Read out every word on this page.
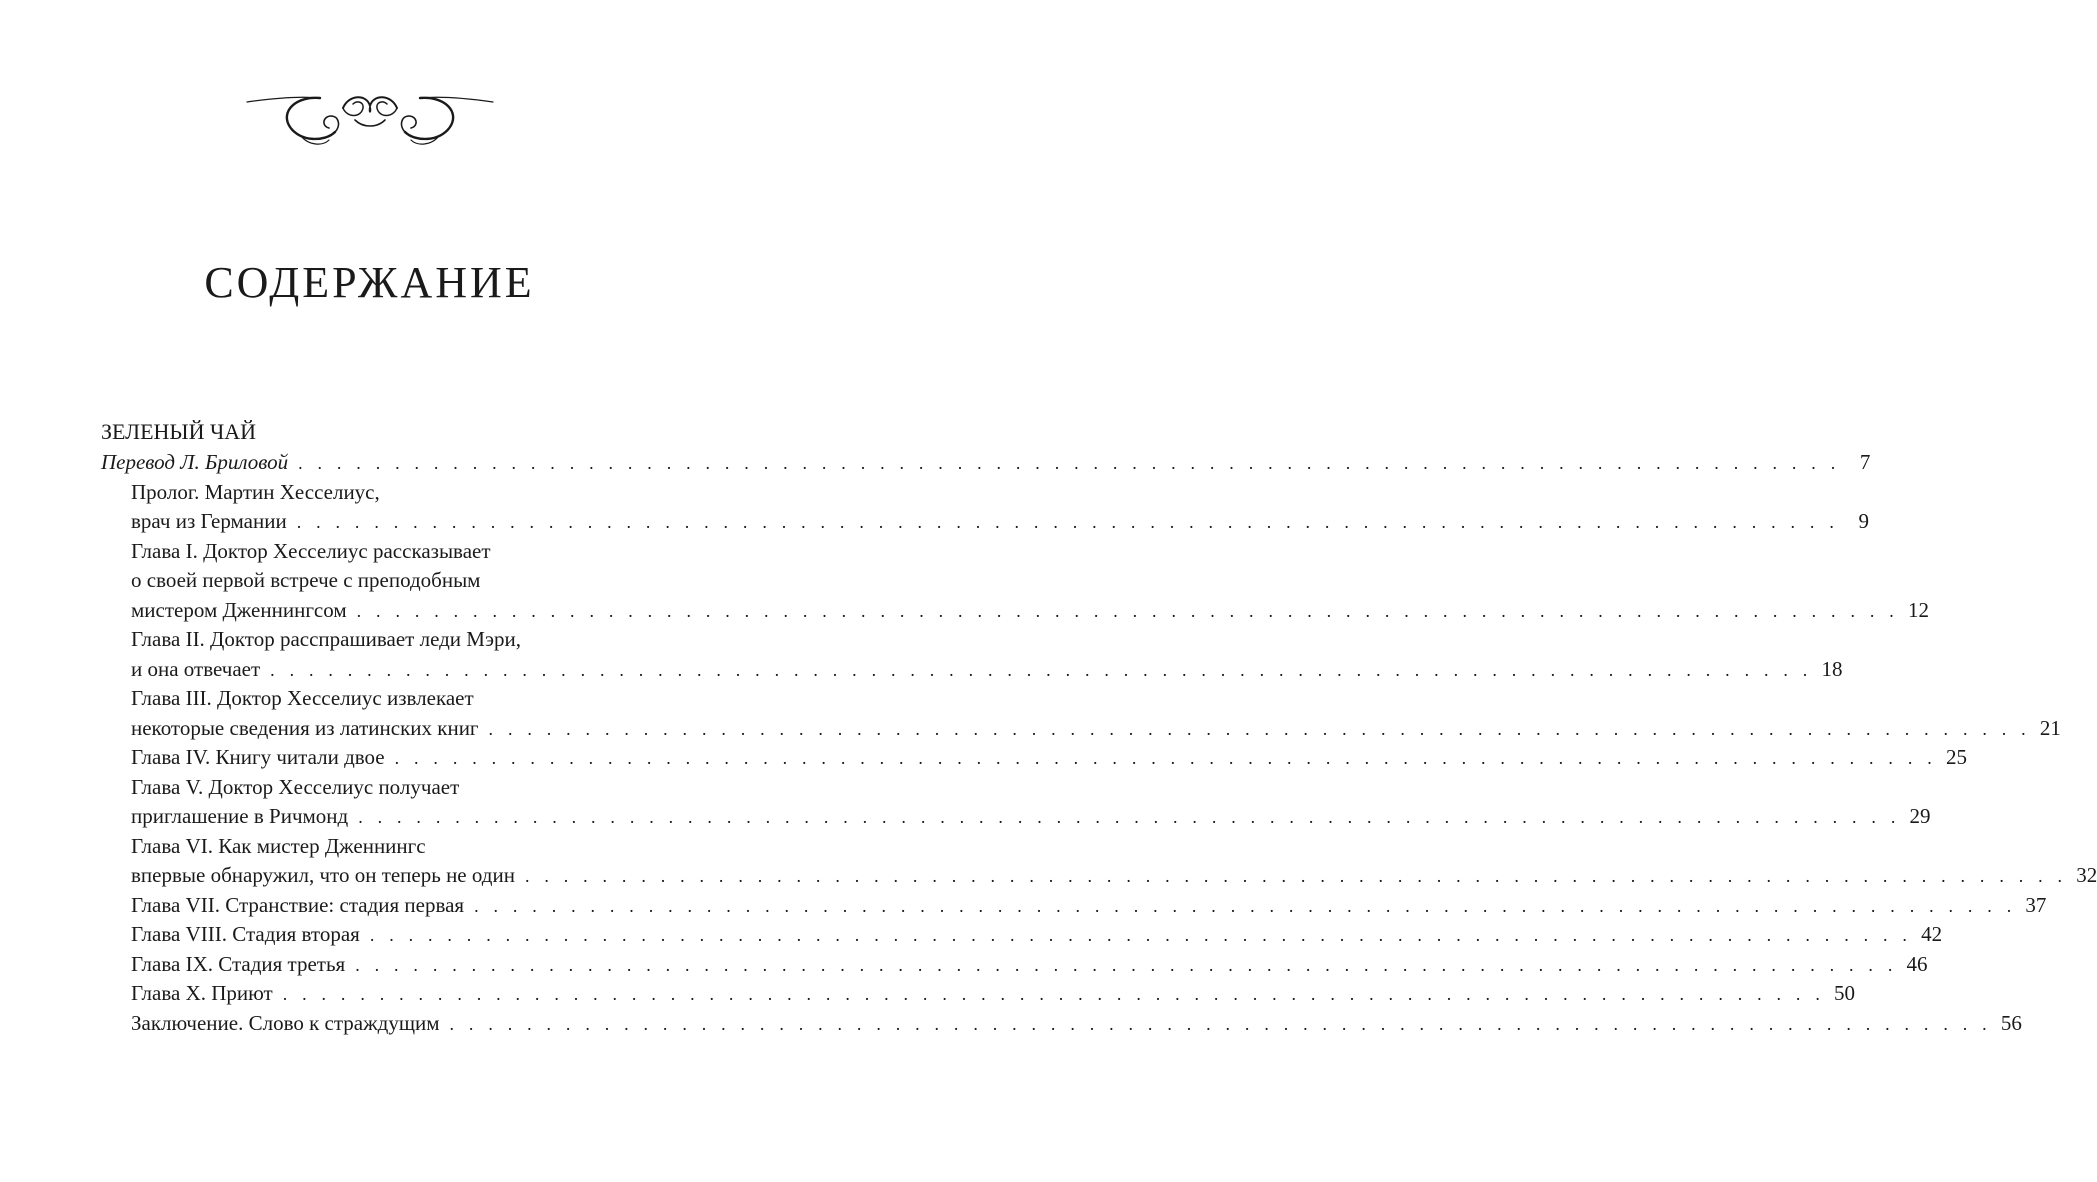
СОДЕРЖАНИЕ
ЗЕЛЕНЫЙ ЧАЙ
Перевод Л. Бриловой . . . . . . . . . . . . . . . . . . . . . . . . . . . . . . . . . . . . . . . . . . . . . . . . . . . . . . . . . . . . . . . . . . . . . . . . . . . . . . . . 7
Пролог. Мартин Хесселиус,
врач из Германии . . . . . . . . . . . . . . . . . . . . . . . . . . . . . . . . . . . . . . . . . . . . . . . . . . . . . . . . . . . . . . . . . . . . . . . . . . . . . . . . 9
Глава I. Доктор Хесселиус рассказывает
о своей первой встрече с преподобным
мистером Дженнингсом . . . . . . . . . . . . . . . . . . . . . . . . . . . . . . . . . . . . . . . . . . . . . . . . . . . . . . . . . . . . . . . . . . . . . . . . . . . . . . . . 12
Глава II. Доктор расспрашивает леди Мэри,
и она отвечает . . . . . . . . . . . . . . . . . . . . . . . . . . . . . . . . . . . . . . . . . . . . . . . . . . . . . . . . . . . . . . . . . . . . . . . . . . . . . . . . 18
Глава III. Доктор Хесселиус извлекает
некоторые сведения из латинских книг . . . . . . . . . . . . . . . . . . . . . . . . . . . . . . . . . . . . . . . . . . . . . . . . . . . . . . . . . . . . . . . . . . . . . . . . . . . . . . . . 21
Глава IV. Книгу читали двое . . . . . . . . . . . . . . . . . . . . . . . . . . . . . . . . . . . . . . . . . . . . . . . . . . . . . . . . . . . . . . . . . . . . . . . . . . . . . . . . 25
Глава V. Доктор Хесселиус получает
приглашение в Ричмонд . . . . . . . . . . . . . . . . . . . . . . . . . . . . . . . . . . . . . . . . . . . . . . . . . . . . . . . . . . . . . . . . . . . . . . . . . . . . . . . . 29
Глава VI. Как мистер Дженнингс
впервые обнаружил, что он теперь не один . . . . . . . . . . . . . . . . . . . . . . . . . . . . . . . . . . . . . . . . . . . . . . . . . . . . . . . . . . . . . . . . . . . . . . . . . . . . . . . . 32
Глава VII. Странствие: стадия первая . . . . . . . . . . . . . . . . . . . . . . . . . . . . . . . . . . . . . . . . . . . . . . . . . . . . . . . . . . . . . . . . . . . . . . . . . . . . . . . . 37
Глава VIII. Стадия вторая . . . . . . . . . . . . . . . . . . . . . . . . . . . . . . . . . . . . . . . . . . . . . . . . . . . . . . . . . . . . . . . . . . . . . . . . . . . . . . . . 42
Глава IX. Стадия третья . . . . . . . . . . . . . . . . . . . . . . . . . . . . . . . . . . . . . . . . . . . . . . . . . . . . . . . . . . . . . . . . . . . . . . . . . . . . . . . . 46
Глава X. Приют . . . . . . . . . . . . . . . . . . . . . . . . . . . . . . . . . . . . . . . . . . . . . . . . . . . . . . . . . . . . . . . . . . . . . . . . . . . . . . . . 50
Заключение. Слово к страждущим . . . . . . . . . . . . . . . . . . . . . . . . . . . . . . . . . . . . . . . . . . . . . . . . . . . . . . . . . . . . . . . . . . . . . . . . . . . . . . . . 56
